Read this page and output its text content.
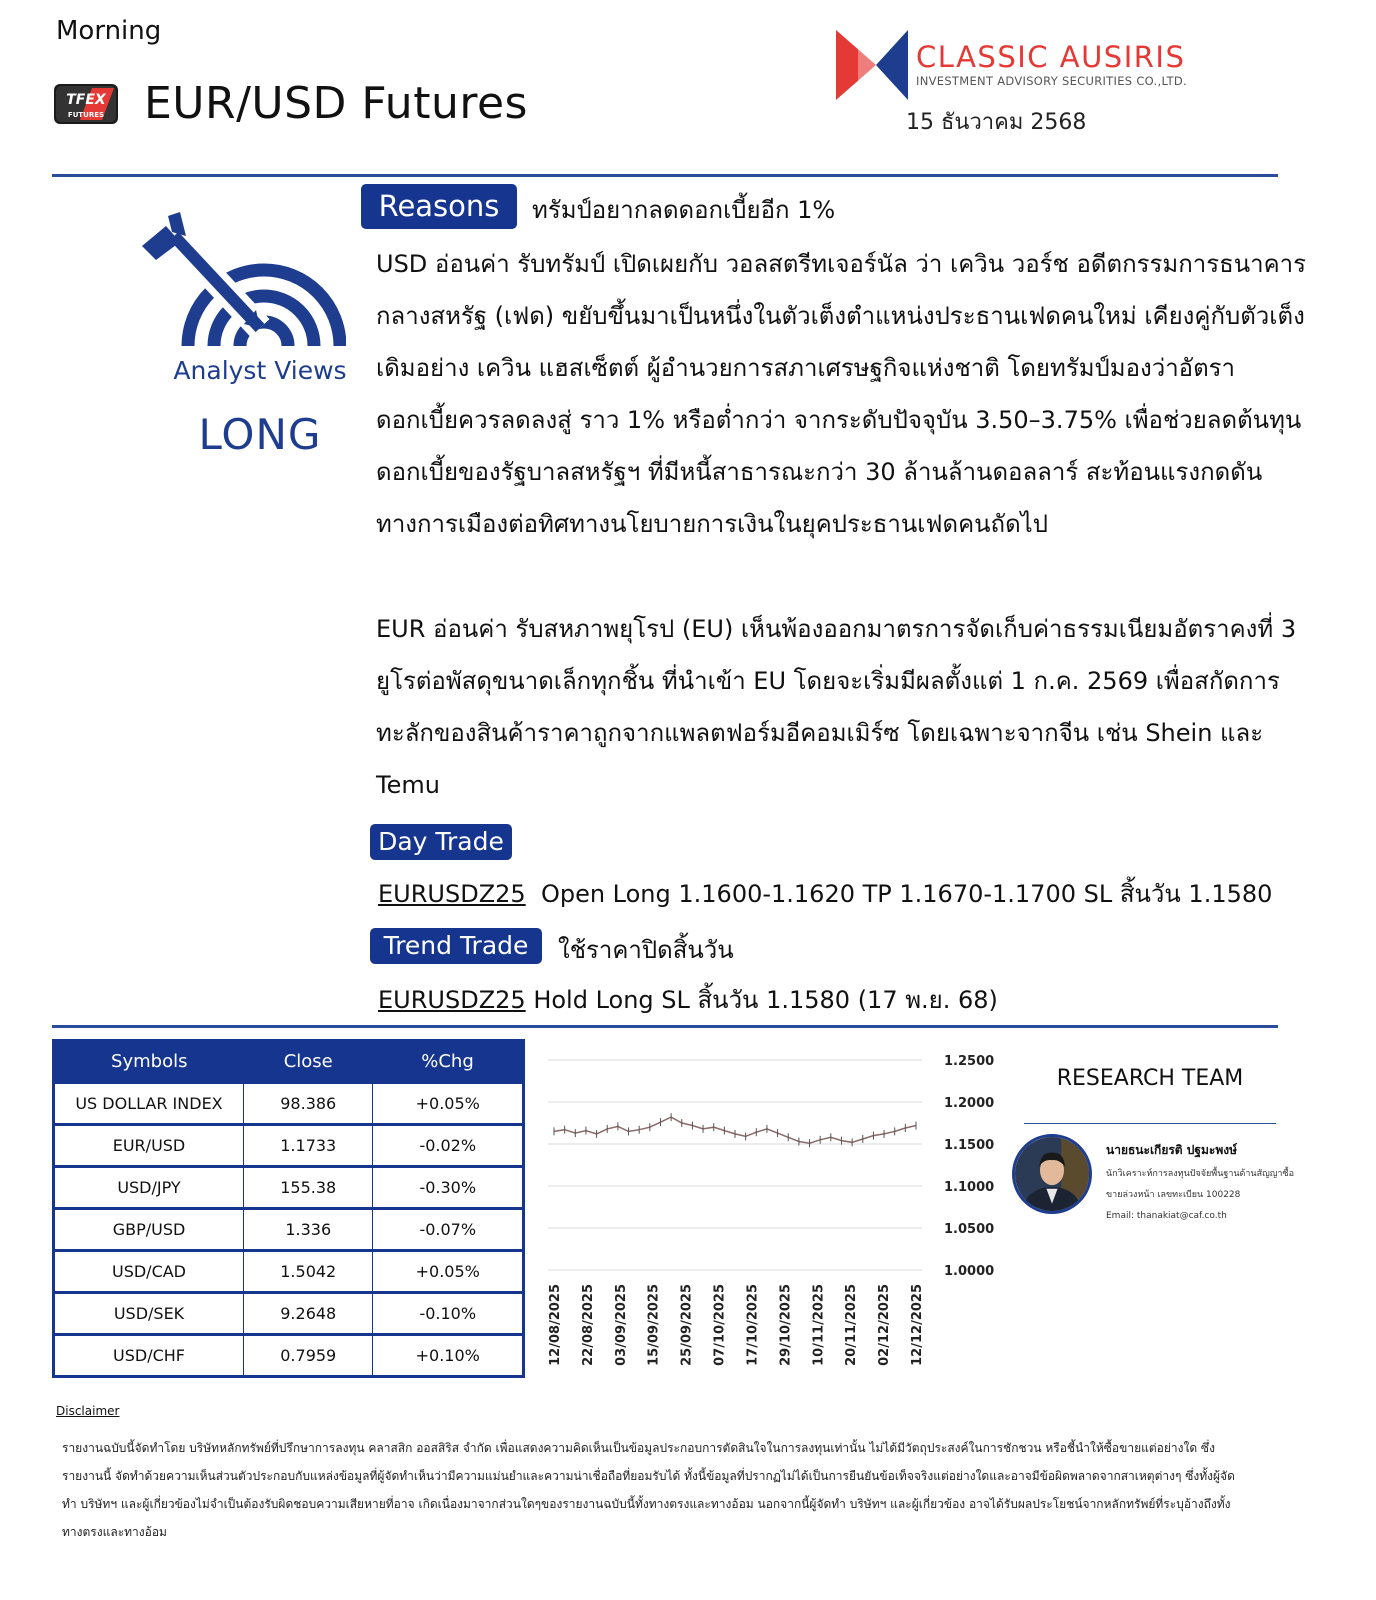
Morning
TFEX
FUTURES EUR/USD Futures
CLASSIC AUSIRIS
INVESTMENT ADVISORY SECURITIES CO.,LTD.
15 ธันวาคม 2568
Analyst Views
LONG
Reasons	ทรัมป์อยากลดดอกเบี้ยอีก 1%
USD อ่อนค่า รับทรัมป์ เปิดเผยกับ วอลสตรีทเจอร์นัล ว่า เควิน วอร์ช อดีตกรรมการธนาคารกลางสหรัฐ (เฟด) ขยับขึ้นมาเป็นหนึ่งในตัวเต็งตำแหน่งประธานเฟดคนใหม่ เคียงคู่กับตัวเต็งเดิมอย่าง เควิน แฮสเซ็ตต์ ผู้อำนวยการสภาเศรษฐกิจแห่งชาติ โดยทรัมป์มองว่าอัตราดอกเบี้ยควรลดลงสู่ ราว 1% หรือต่ำกว่า จากระดับปัจจุบัน 3.50–3.75% เพื่อช่วยลดต้นทุนดอกเบี้ยของรัฐบาลสหรัฐฯ ที่มีหนี้สาธารณะกว่า 30 ล้านล้านดอลลาร์ สะท้อนแรงกดดันทางการเมืองต่อทิศทางนโยบายการเงินในยุคประธานเฟดคนถัดไป
EUR อ่อนค่า รับสหภาพยุโรป (EU) เห็นพ้องออกมาตรการจัดเก็บค่าธรรมเนียมอัตราคงที่ 3 ยูโรต่อพัสดุขนาดเล็กทุกชิ้น ที่นำเข้า EU โดยจะเริ่มมีผลตั้งแต่ 1 ก.ค. 2569 เพื่อสกัดการทะลักของสินค้าราคาถูกจากแพลตฟอร์มอีคอมเมิร์ซ โดยเฉพาะจากจีน เช่น Shein และ Temu
Day Trade
EURUSDZ25 Open Long 1.1600-1.1620 TP 1.1670-1.1700 SL สิ้นวัน 1.1580
Trend Trade	ใช้ราคาปิดสิ้นวัน
EURUSDZ25 Hold Long SL สิ้นวัน 1.1580 (17 พ.ย. 68)
Symbols	Close	%Chg
US DOLLAR INDEX	98.386	+0.05%
EUR/USD	1.1733	-0.02%
USD/JPY	155.38	-0.30%
GBP/USD	1.336	-0.07%
USD/CAD	1.5042	+0.05%
USD/SEK	9.2648	-0.10%
USD/CHF	0.7959	+0.10%
1.0000
1.0500
1.1000
1.1500
1.2000
1.2500
12/08/2025 22/08/2025 03/09/2025 15/09/2025 25/09/2025 07/10/2025 17/10/2025 29/10/2025 10/11/2025 20/11/2025 02/12/2025 12/12/2025
RESEARCH TEAM
นายธนะเกียรติ ปฐมะพงษ์
นักวิเคราะห์การลงทุนปัจจัยพื้นฐานด้านสัญญาซื้อขายล่วงหน้า เลขทะเบียน 100228
Email: thanakiat@caf.co.th
Disclaimer
รายงานฉบับนี้จัดทำโดย บริษัทหลักทรัพย์ที่ปรึกษาการลงทุน คลาสสิก ออสสิริส จำกัด เพื่อแสดงความคิดเห็นเป็นข้อมูลประกอบการตัดสินใจในการลงทุนเท่านั้น ไม่ได้มีวัตถุประสงค์ในการชักชวน หรือชี้นำให้ซื้อขายแต่อย่างใด ซึ่งรายงานนี้ จัดทำด้วยความเห็นส่วนตัวประกอบกับแหล่งข้อมูลที่ผู้จัดทำเห็นว่ามีความแม่นยำและความน่าเชื่อถือที่ยอมรับได้ ทั้งนี้ข้อมูลที่ปรากฏไม่ได้เป็นการยืนยันข้อเท็จจริงแต่อย่างใดและอาจมีข้อผิดพลาดจากสาเหตุต่างๆ ซึ่งทั้งผู้จัดทำ บริษัทฯ และผู้เกี่ยวข้องไม่จำเป็นต้องรับผิดชอบความเสียหายที่อาจ เกิดเนื่องมาจากส่วนใดๆของรายงานฉบับนี้ทั้งทางตรงและทางอ้อม นอกจากนี้ผู้จัดทำ บริษัทฯ และผู้เกี่ยวข้อง อาจได้รับผลประโยชน์จากหลักทรัพย์ที่ระบุอ้างถึงทั้งทางตรงและทางอ้อม
